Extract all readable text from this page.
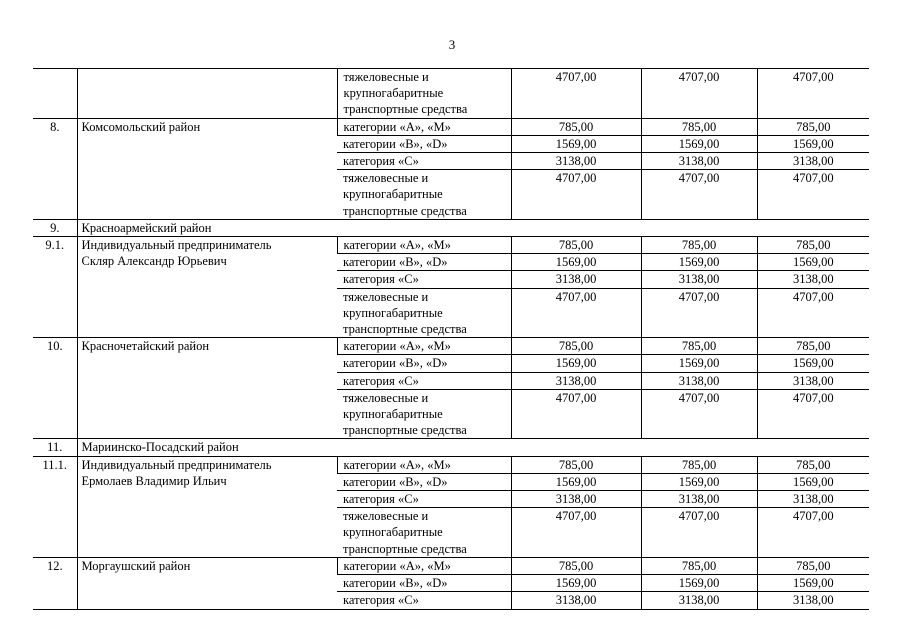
3
		тяжеловесные и
крупногабаритные
транспортные средства	4707,00	4707,00	4707,00
8.	Комсомольский район	категории «А», «М»	785,00	785,00	785,00
		категории «В», «D»	1569,00	1569,00	1569,00
		категория «С»	3138,00	3138,00	3138,00
		тяжеловесные и
крупногабаритные
транспортные средства	4707,00	4707,00	4707,00
9.	Красноармейский район				
9.1.	Индивидуальный предприниматель
Скляр Александр Юрьевич	категории «А», «М»	785,00	785,00	785,00
		категории «В», «D»	1569,00	1569,00	1569,00
		категория «С»	3138,00	3138,00	3138,00
		тяжеловесные и
крупногабаритные
транспортные средства	4707,00	4707,00	4707,00
10.	Красночетайский район	категории «А», «М»	785,00	785,00	785,00
		категории «В», «D»	1569,00	1569,00	1569,00
		категория «С»	3138,00	3138,00	3138,00
		тяжеловесные и
крупногабаритные
транспортные средства	4707,00	4707,00	4707,00
11.	Мариинско-Посадский район				
11.1.	Индивидуальный предприниматель
Ермолаев Владимир Ильич	категории «А», «М»	785,00	785,00	785,00
		категории «В», «D»	1569,00	1569,00	1569,00
		категория «С»	3138,00	3138,00	3138,00
		тяжеловесные и
крупногабаритные
транспортные средства	4707,00	4707,00	4707,00
12.	Моргаушский район	категории «А», «М»	785,00	785,00	785,00
		категории «В», «D»	1569,00	1569,00	1569,00
		категория «С»	3138,00	3138,00	3138,00
